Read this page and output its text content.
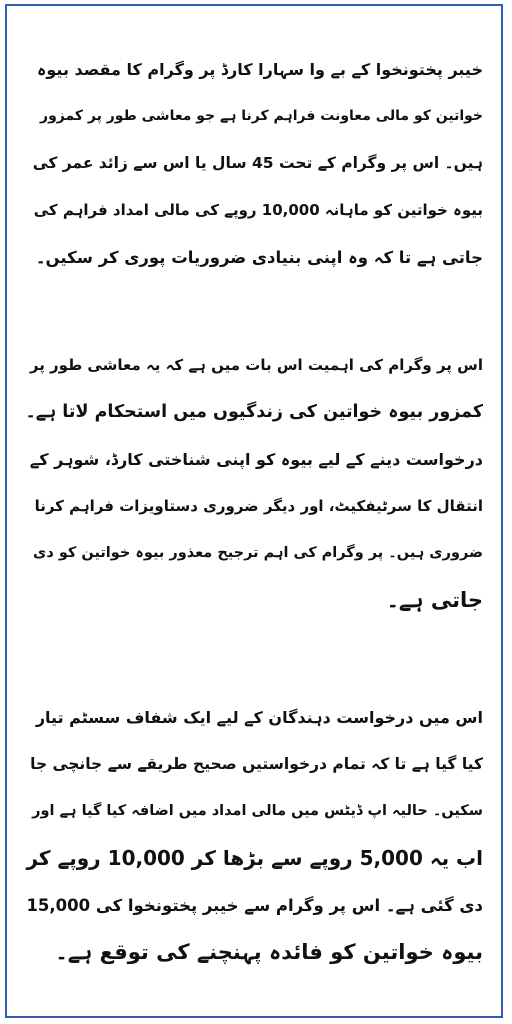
خیبر پختونخوا کے بے وا سہارا کارڈ پر وگرام کا مقصد بیوہ
خواتین کو مالی معاونت فراہم کرنا ہے جو معاشی طور پر کمزور
ہیں۔ اس پر وگرام کے تحت 45 سال یا اس سے زائد عمر کی
بیوہ خواتین کو ماہانہ 10,000 روپے کی مالی امداد فراہم کی
جاتی ہے تا کہ وہ اپنی بنیادی ضروریات پوری کر سکیں۔
اس پر وگرام کی اہمیت اس بات میں ہے کہ یہ معاشی طور پر
کمزور بیوہ خواتین کی زندگیوں میں استحکام لاتا ہے۔
درخواست دینے کے لیے بیوہ کو اپنی شناختی کارڈ، شوہر کے
انتقال کا سرٹیفکیٹ، اور دیگر ضروری دستاویزات فراہم کرنا
ضروری ہیں۔ پر وگرام کی اہم ترجیح معذور بیوہ خواتین کو دی
جاتی ہے۔
اس میں درخواست دہندگان کے لیے ایک شفاف سسٹم تیار
کیا گیا ہے تا کہ تمام درخواستیں صحیح طریقے سے جانچی جا
سکیں۔ حالیہ اپ ڈیٹس میں مالی امداد میں اضافہ کیا گیا ہے اور
اب یہ 5,000 روپے سے بڑھا کر 10,000 روپے کر
دی گئی ہے۔ اس پر وگرام سے خیبر پختونخوا کی 15,000
بیوہ خواتین کو فائدہ پہنچنے کی توقع ہے۔
